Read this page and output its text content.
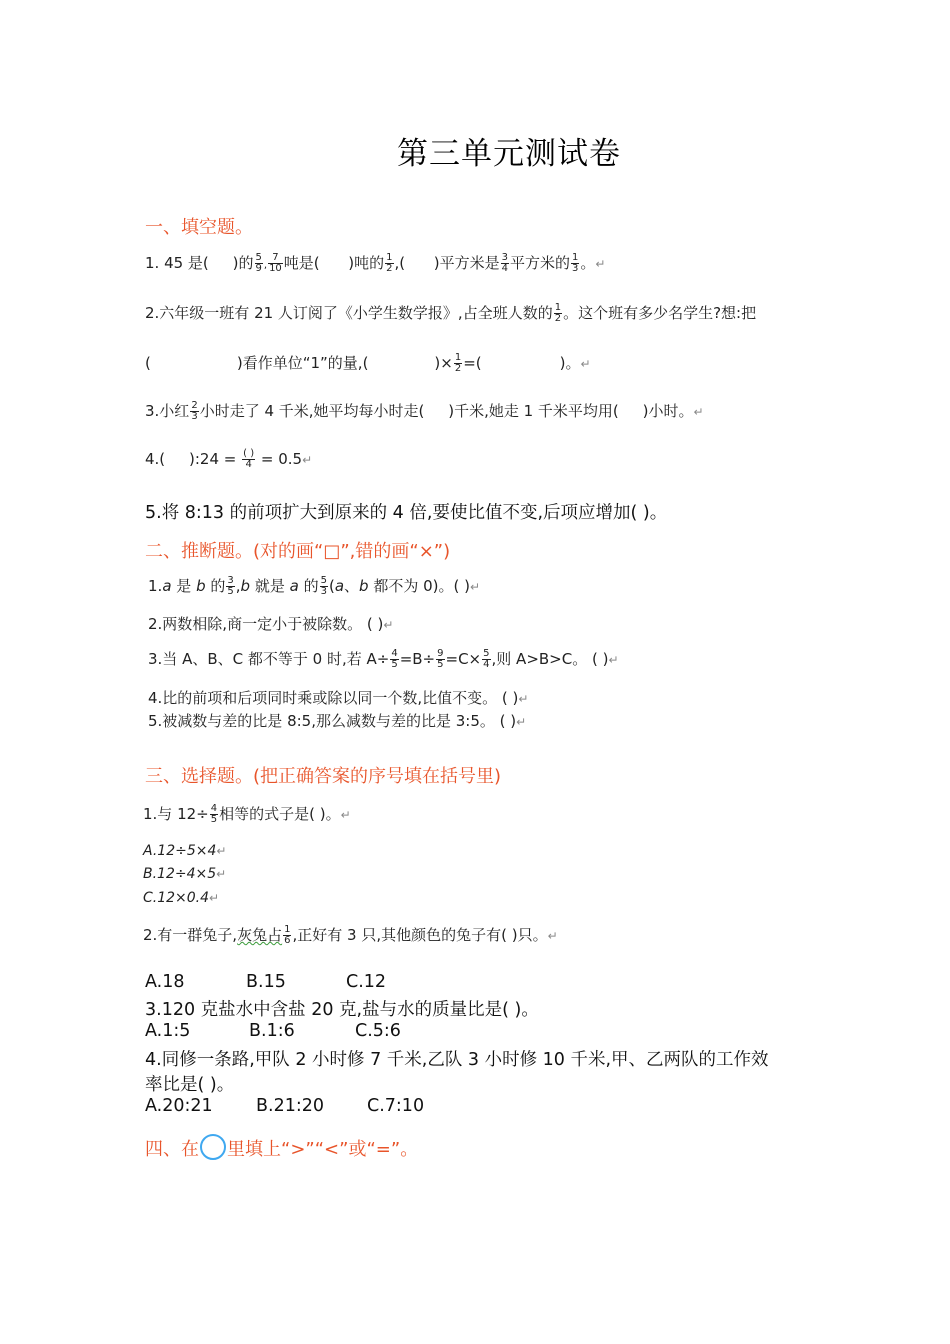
第三单元测试卷
一、填空题。
1. 45 是( )的 $\frac{5}{9}$ , $\frac{7}{10}$ 吨是( )吨的 $\frac{1}{2}$ ,( )平方米是 $\frac{3}{4}$ 平方米的 $\frac{1}{3}$ 。↵
2.六年级一班有 21 人订阅了《小学生数学报》,占全班人数的 $\frac{1}{2}$ 。这个班有多少名学生?想:把
(	)看作单位“1”的量,(	)× $\frac{1}{2}$ =(	)。↵
3.小红 $\frac{2}{3}$ 小时走了 4 千米,她平均每小时走( )千米,她走 1 千米平均用( )小时。↵
4.( ):24 = $\frac{( )}{4}$ = 0.5↵
5.将 8:13 的前项扩大到原来的 4 倍,要使比值不变,后项应增加( )。
二、推断题。(对的画“□”,错的画“×”)
1.a 是 b 的 $\frac{3}{5} ,b$ 就是 a 的 $\frac{5}{3} (a$、b 都不为 0)。( )↵
2.两数相除,商一定小于被除数。 ( )↵
3.当 A、B、C 都不等于 0 时,若 $A\div \frac{4}{5} =B\div \frac{9}{5} =C\times \frac{5}{4}$ ,则 A>B>C。 ( )↵
4.比的前项和后项同时乘或除以同一个数,比值不变。 ( )↵
5.被减数与差的比是 8:5,那么减数与差的比是 3:5。 ( )↵
三、选择题。(把正确答案的序号填在括号里)
1.与 $12\div \frac{4}{5}$ 相等的式子是( )。↵
A.12÷5×4↵
B.12÷4×5↵
C.12×0.4↵
2.有一群兔子,灰兔占 $\frac{1}{6}$ ,正好有 3 只,其他颜色的兔子有( )只。↵
A.18	B.15	C.12
3.120 克盐水中含盐 20 克,盐与水的质量比是( )。
A.1:5	B.1:6	C.5:6
4.同修一条路,甲队 2 小时修 7 千米,乙队 3 小时修 10 千米,甲、乙两队的工作效
率比是( )。
A.20:21 B.21:20 C.7:10
四、在 里填上“>”“<”或“=”。
